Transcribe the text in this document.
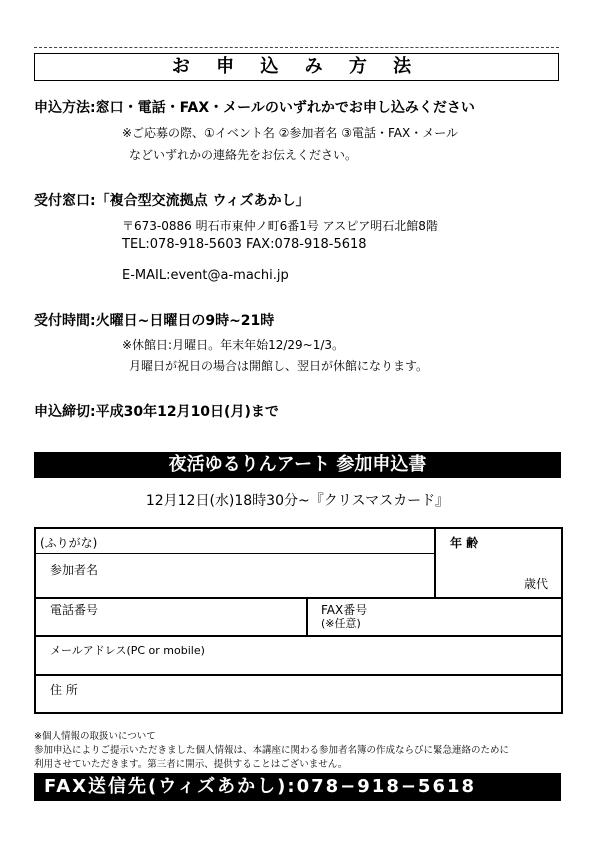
お 申 込 み 方 法
申込方法:窓口・電話・FAX・メールのいずれかでお申し込みください
※ご応募の際、①イベント名 ②参加者名 ③電話・FAX・メール
などいずれかの連絡先をお伝えください。
受付窓口:「複合型交流拠点 ウィズあかし」
〒673-0886 明石市東仲ノ町6番1号 アスピア明石北館8階
TEL:078-918-5603 FAX:078-918-5618
E-MAIL:event@a-machi.jp
受付時間:火曜日~日曜日の9時~21時
※休館日:月曜日。年末年始12/29~1/3。
月曜日が祝日の場合は開館し、翌日が休館になります。
申込締切:平成30年12月10日(月)まで
夜活ゆるりんアート 参加申込書
12月12日(水)18時30分~『クリスマスカード』
(ふりがな)
参加者名
年 齢
歳代
電話番号	FAX番号
(※任意)
メールアドレス(PC or mobile)
住 所
※個人情報の取扱いについて
参加申込によりご提示いただきました個人情報は、本講座に関わる参加者名簿の作成ならびに緊急連絡のために
利用させていただきます。第三者に開示、提供することはございません。
FAX送信先(ウィズあかし):078−918−5618
